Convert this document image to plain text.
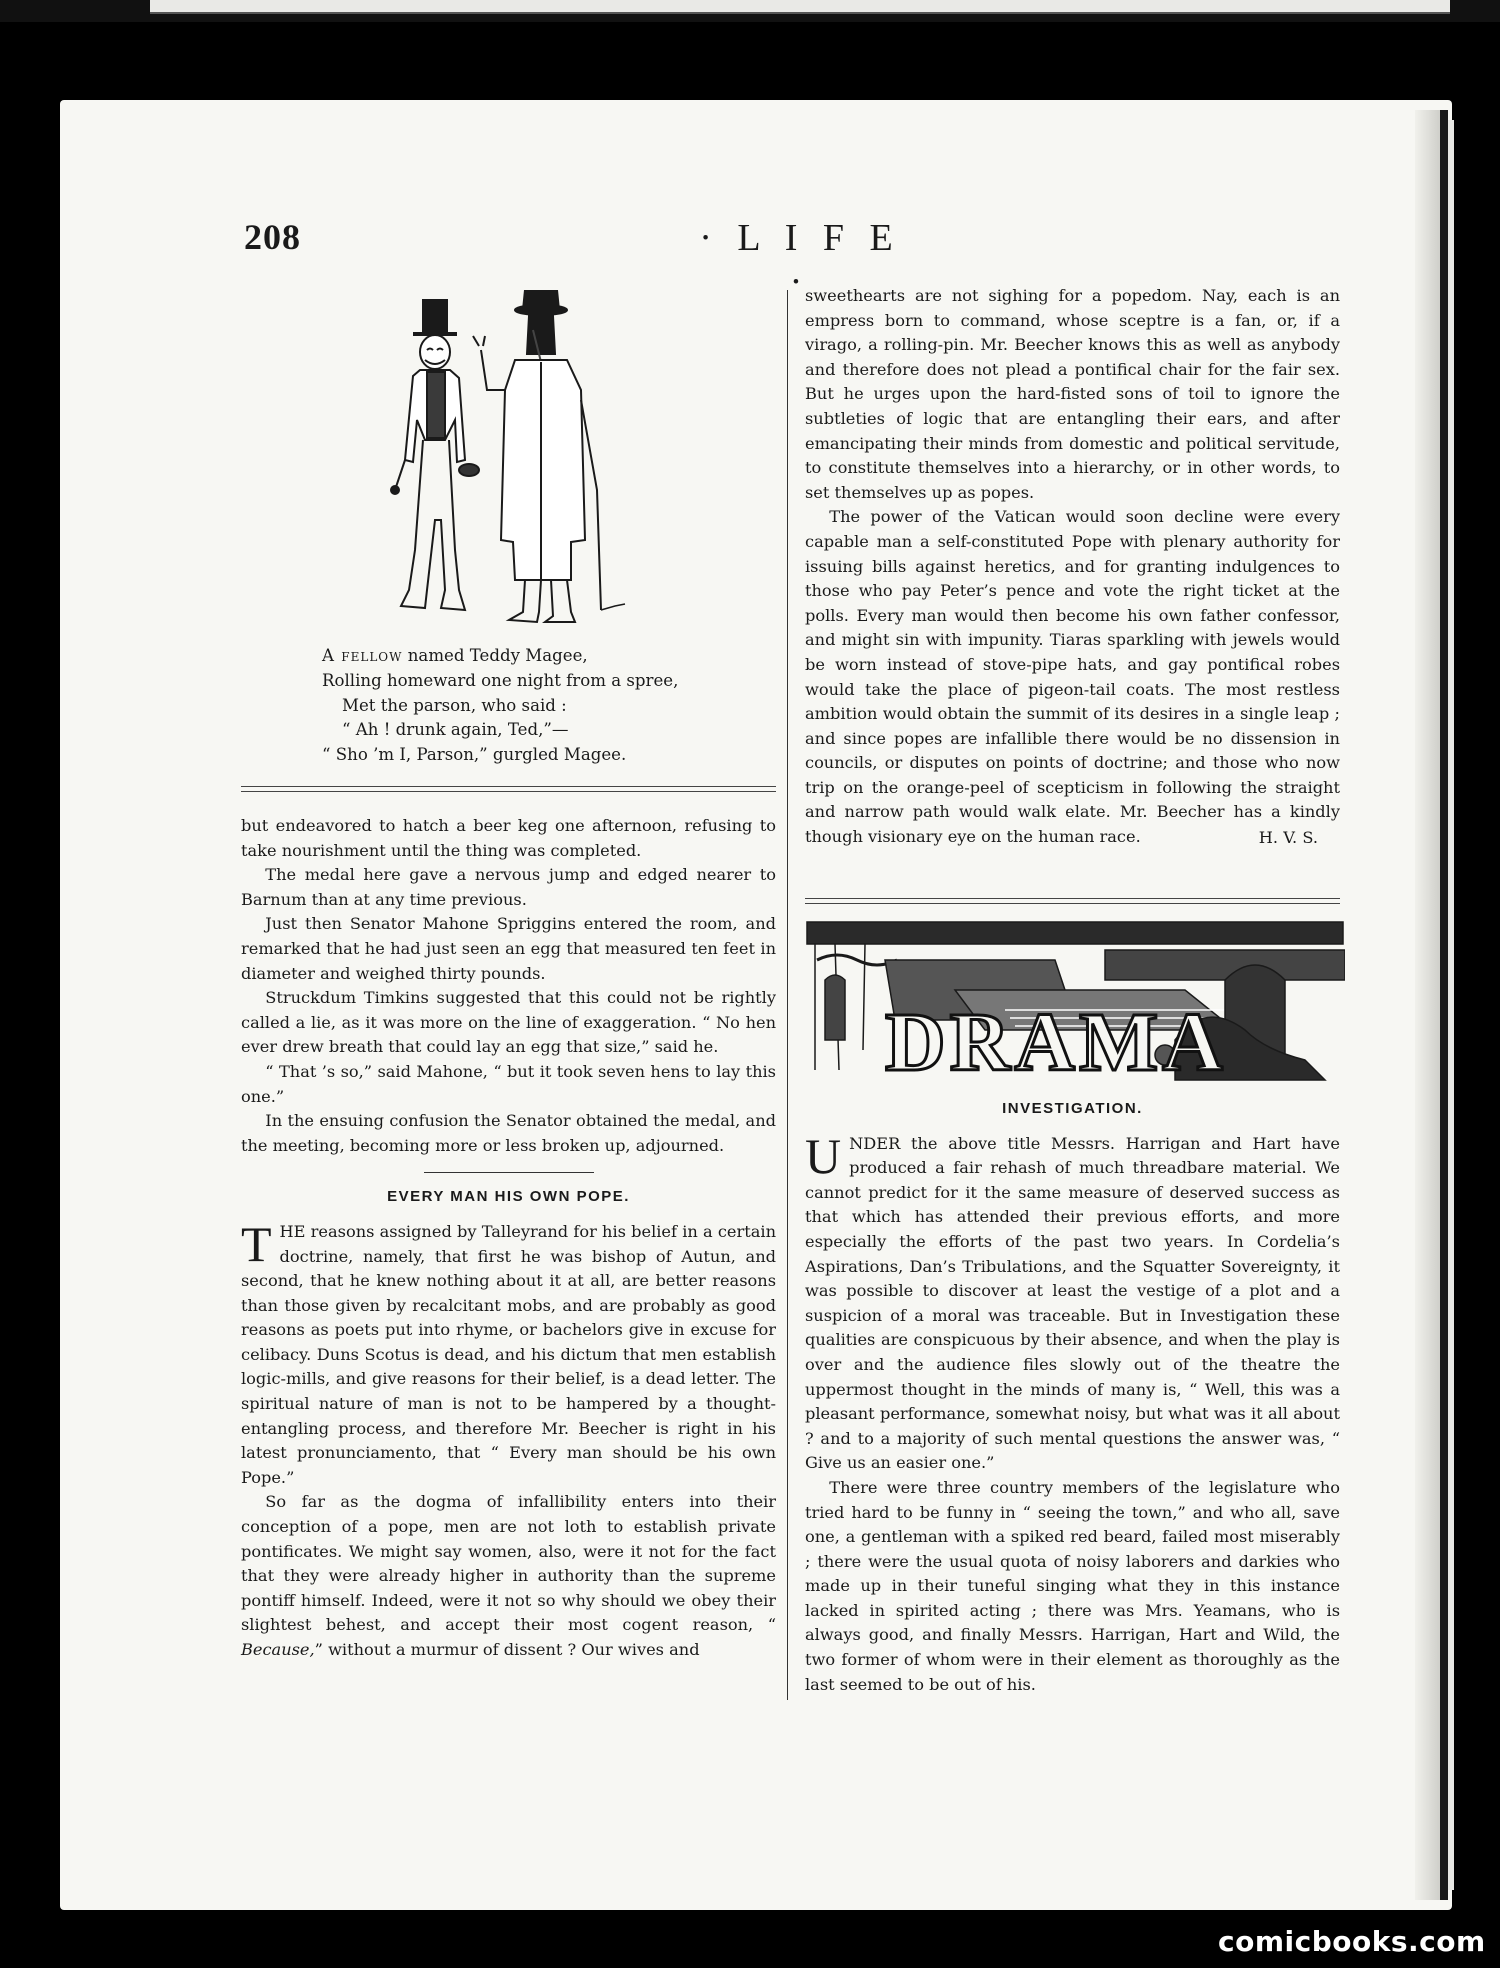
208	· L I F E ·
A fellow named Teddy Magee,
Rolling homeward one night from a spree,
Met the parson, who said :
“ Ah ! drunk again, Ted,”—
“ Sho ’m I, Parson,” gurgled Magee.

but endeavored to hatch a beer keg one afternoon, refusing to take nourishment until the thing was completed.

The medal here gave a nervous jump and edged nearer to Barnum than at any time previous.

Just then Senator Mahone Spriggins entered the room, and remarked that he had just seen an egg that measured ten feet in diameter and weighed thirty pounds.

Struckdum Timkins suggested that this could not be rightly called a lie, as it was more on the line of exaggeration. “ No hen ever drew breath that could lay an egg that size,” said he.

“ That ’s so,” said Mahone, “ but it took seven hens to lay this one.”

In the ensuing confusion the Senator obtained the medal, and the meeting, becoming more or less broken up, adjourned.

EVERY MAN HIS OWN POPE.

THE reasons assigned by Talleyrand for his belief in a certain doctrine, namely, that first he was bishop of Autun, and second, that he knew nothing about it at all, are better reasons than those given by recalcitant mobs, and are probably as good reasons as poets put into rhyme, or bachelors give in excuse for celibacy. Duns Scotus is dead, and his dictum that men establish logic-mills, and give reasons for their belief, is a dead letter. The spiritual nature of man is not to be hampered by a thought-entangling process, and therefore Mr. Beecher is right in his latest pronunciamento, that “ Every man should be his own Pope.”

So far as the dogma of infallibility enters into their conception of a pope, men are not loth to establish private pontificates. We might say women, also, were it not for the fact that they were already higher in authority than the supreme pontiff himself. Indeed, were it not so why should we obey their slightest behest, and accept their most cogent reason, “ Because,” without a murmur of dissent ? Our wives and

sweethearts are not sighing for a popedom. Nay, each is an empress born to command, whose sceptre is a fan, or, if a virago, a rolling-pin. Mr. Beecher knows this as well as anybody and therefore does not plead a pontifical chair for the fair sex. But he urges upon the hard-fisted sons of toil to ignore the subtleties of logic that are entangling their ears, and after emancipating their minds from domestic and political servitude, to constitute themselves into a hierarchy, or in other words, to set themselves up as popes.

The power of the Vatican would soon decline were every capable man a self-constituted Pope with plenary authority for issuing bills against heretics, and for granting indulgences to those who pay Peter’s pence and vote the right ticket at the polls. Every man would then become his own father confessor, and might sin with impunity. Tiaras sparkling with jewels would be worn instead of stove-pipe hats, and gay pontifical robes would take the place of pigeon-tail coats. The most restless ambition would obtain the summit of its desires in a single leap ; and since popes are infallible there would be no dissension in councils, or disputes on points of doctrine; and those who now trip on the orange-peel of scepticism in following the straight and narrow path would walk elate. Mr. Beecher has a kindly though visionary eye on the human race.	H. V. S.
DRAMA
INVESTIGATION.

UNDER the above title Messrs. Harrigan and Hart have produced a fair rehash of much threadbare material. We cannot predict for it the same measure of deserved success as that which has attended their previous efforts, and more especially the efforts of the past two years. In Cordelia’s Aspirations, Dan’s Tribulations, and the Squatter Sovereignty, it was possible to discover at least the vestige of a plot and a suspicion of a moral was traceable. But in Investigation these qualities are conspicuous by their absence, and when the play is over and the audience files slowly out of the theatre the uppermost thought in the minds of many is, “ Well, this was a pleasant performance, somewhat noisy, but what was it all about ? and to a majority of such mental questions the answer was, “ Give us an easier one.”

There were three country members of the legislature who tried hard to be funny in “ seeing the town,” and who all, save one, a gentleman with a spiked red beard, failed most miserably ; there were the usual quota of noisy laborers and darkies who made up in their tuneful singing what they in this instance lacked in spirited acting ; there was Mrs. Yeamans, who is always good, and finally Messrs. Harrigan, Hart and Wild, the two former of whom were in their element as thoroughly as the last seemed to be out of his.

comicbooks.com
